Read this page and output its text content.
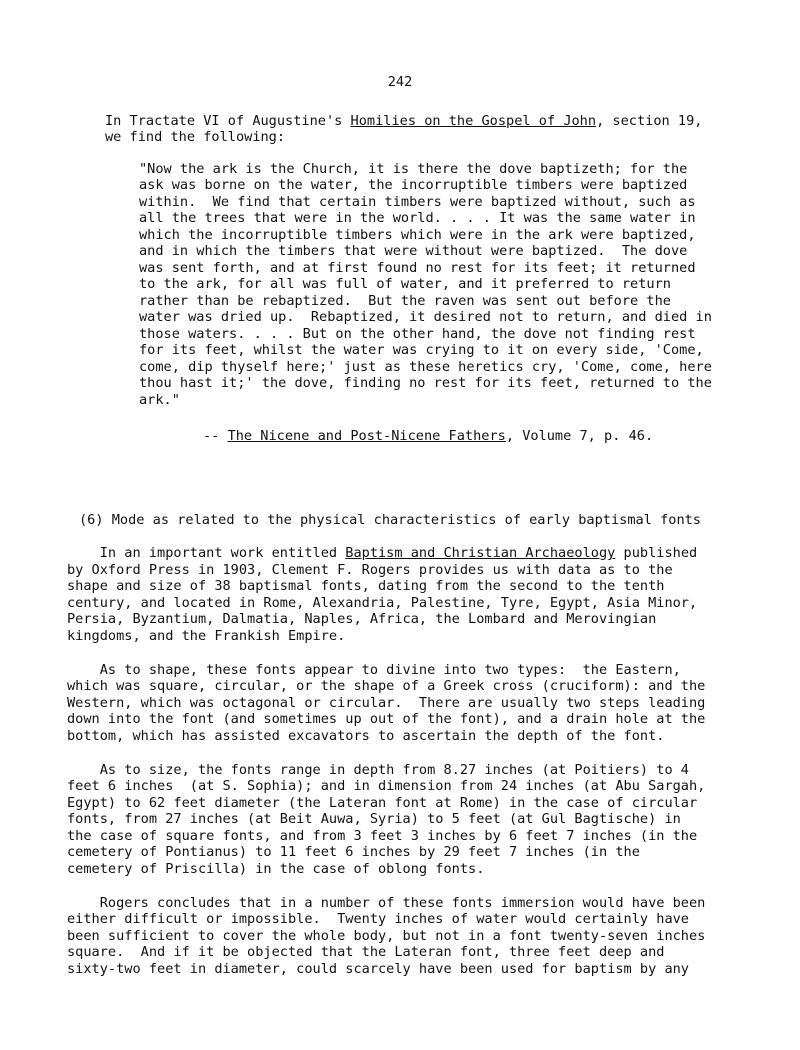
242
In Tractate VI of Augustine's Homilies on the Gospel of John, section 19,
we find the following:
"Now the ark is the Church, it is there the dove baptizeth; for the
ask was borne on the water, the incorruptible timbers were baptized
within.  We find that certain timbers were baptized without, such as
all the trees that were in the world. . . . It was the same water in
which the incorruptible timbers which were in the ark were baptized,
and in which the timbers that were without were baptized.  The dove
was sent forth, and at first found no rest for its feet; it returned
to the ark, for all was full of water, and it preferred to return
rather than be rebaptized.  But the raven was sent out before the
water was dried up.  Rebaptized, it desired not to return, and died in
those waters. . . . But on the other hand, the dove not finding rest
for its feet, whilst the water was crying to it on every side, 'Come,
come, dip thyself here;' just as these heretics cry, 'Come, come, here
thou hast it;' the dove, finding no rest for its feet, returned to the
ark."
-- The Nicene and Post-Nicene Fathers, Volume 7, p. 46.
(6) Mode as related to the physical characteristics of early baptismal fonts
In an important work entitled Baptism and Christian Archaeology published
by Oxford Press in 1903, Clement F. Rogers provides us with data as to the
shape and size of 38 baptismal fonts, dating from the second to the tenth
century, and located in Rome, Alexandria, Palestine, Tyre, Egypt, Asia Minor,
Persia, Byzantium, Dalmatia, Naples, Africa, the Lombard and Merovingian
kingdoms, and the Frankish Empire.
As to shape, these fonts appear to divine into two types:  the Eastern,
which was square, circular, or the shape of a Greek cross (cruciform): and the
Western, which was octagonal or circular.  There are usually two steps leading
down into the font (and sometimes up out of the font), and a drain hole at the
bottom, which has assisted excavators to ascertain the depth of the font.
As to size, the fonts range in depth from 8.27 inches (at Poitiers) to 4
feet 6 inches  (at S. Sophia); and in dimension from 24 inches (at Abu Sargah,
Egypt) to 62 feet diameter (the Lateran font at Rome) in the case of circular
fonts, from 27 inches (at Beit Auwa, Syria) to 5 feet (at Gul Bagtische) in
the case of square fonts, and from 3 feet 3 inches by 6 feet 7 inches (in the
cemetery of Pontianus) to 11 feet 6 inches by 29 feet 7 inches (in the
cemetery of Priscilla) in the case of oblong fonts.
Rogers concludes that in a number of these fonts immersion would have been
either difficult or impossible.  Twenty inches of water would certainly have
been sufficient to cover the whole body, but not in a font twenty-seven inches
square.  And if it be objected that the Lateran font, three feet deep and
sixty-two feet in diameter, could scarcely have been used for baptism by any
